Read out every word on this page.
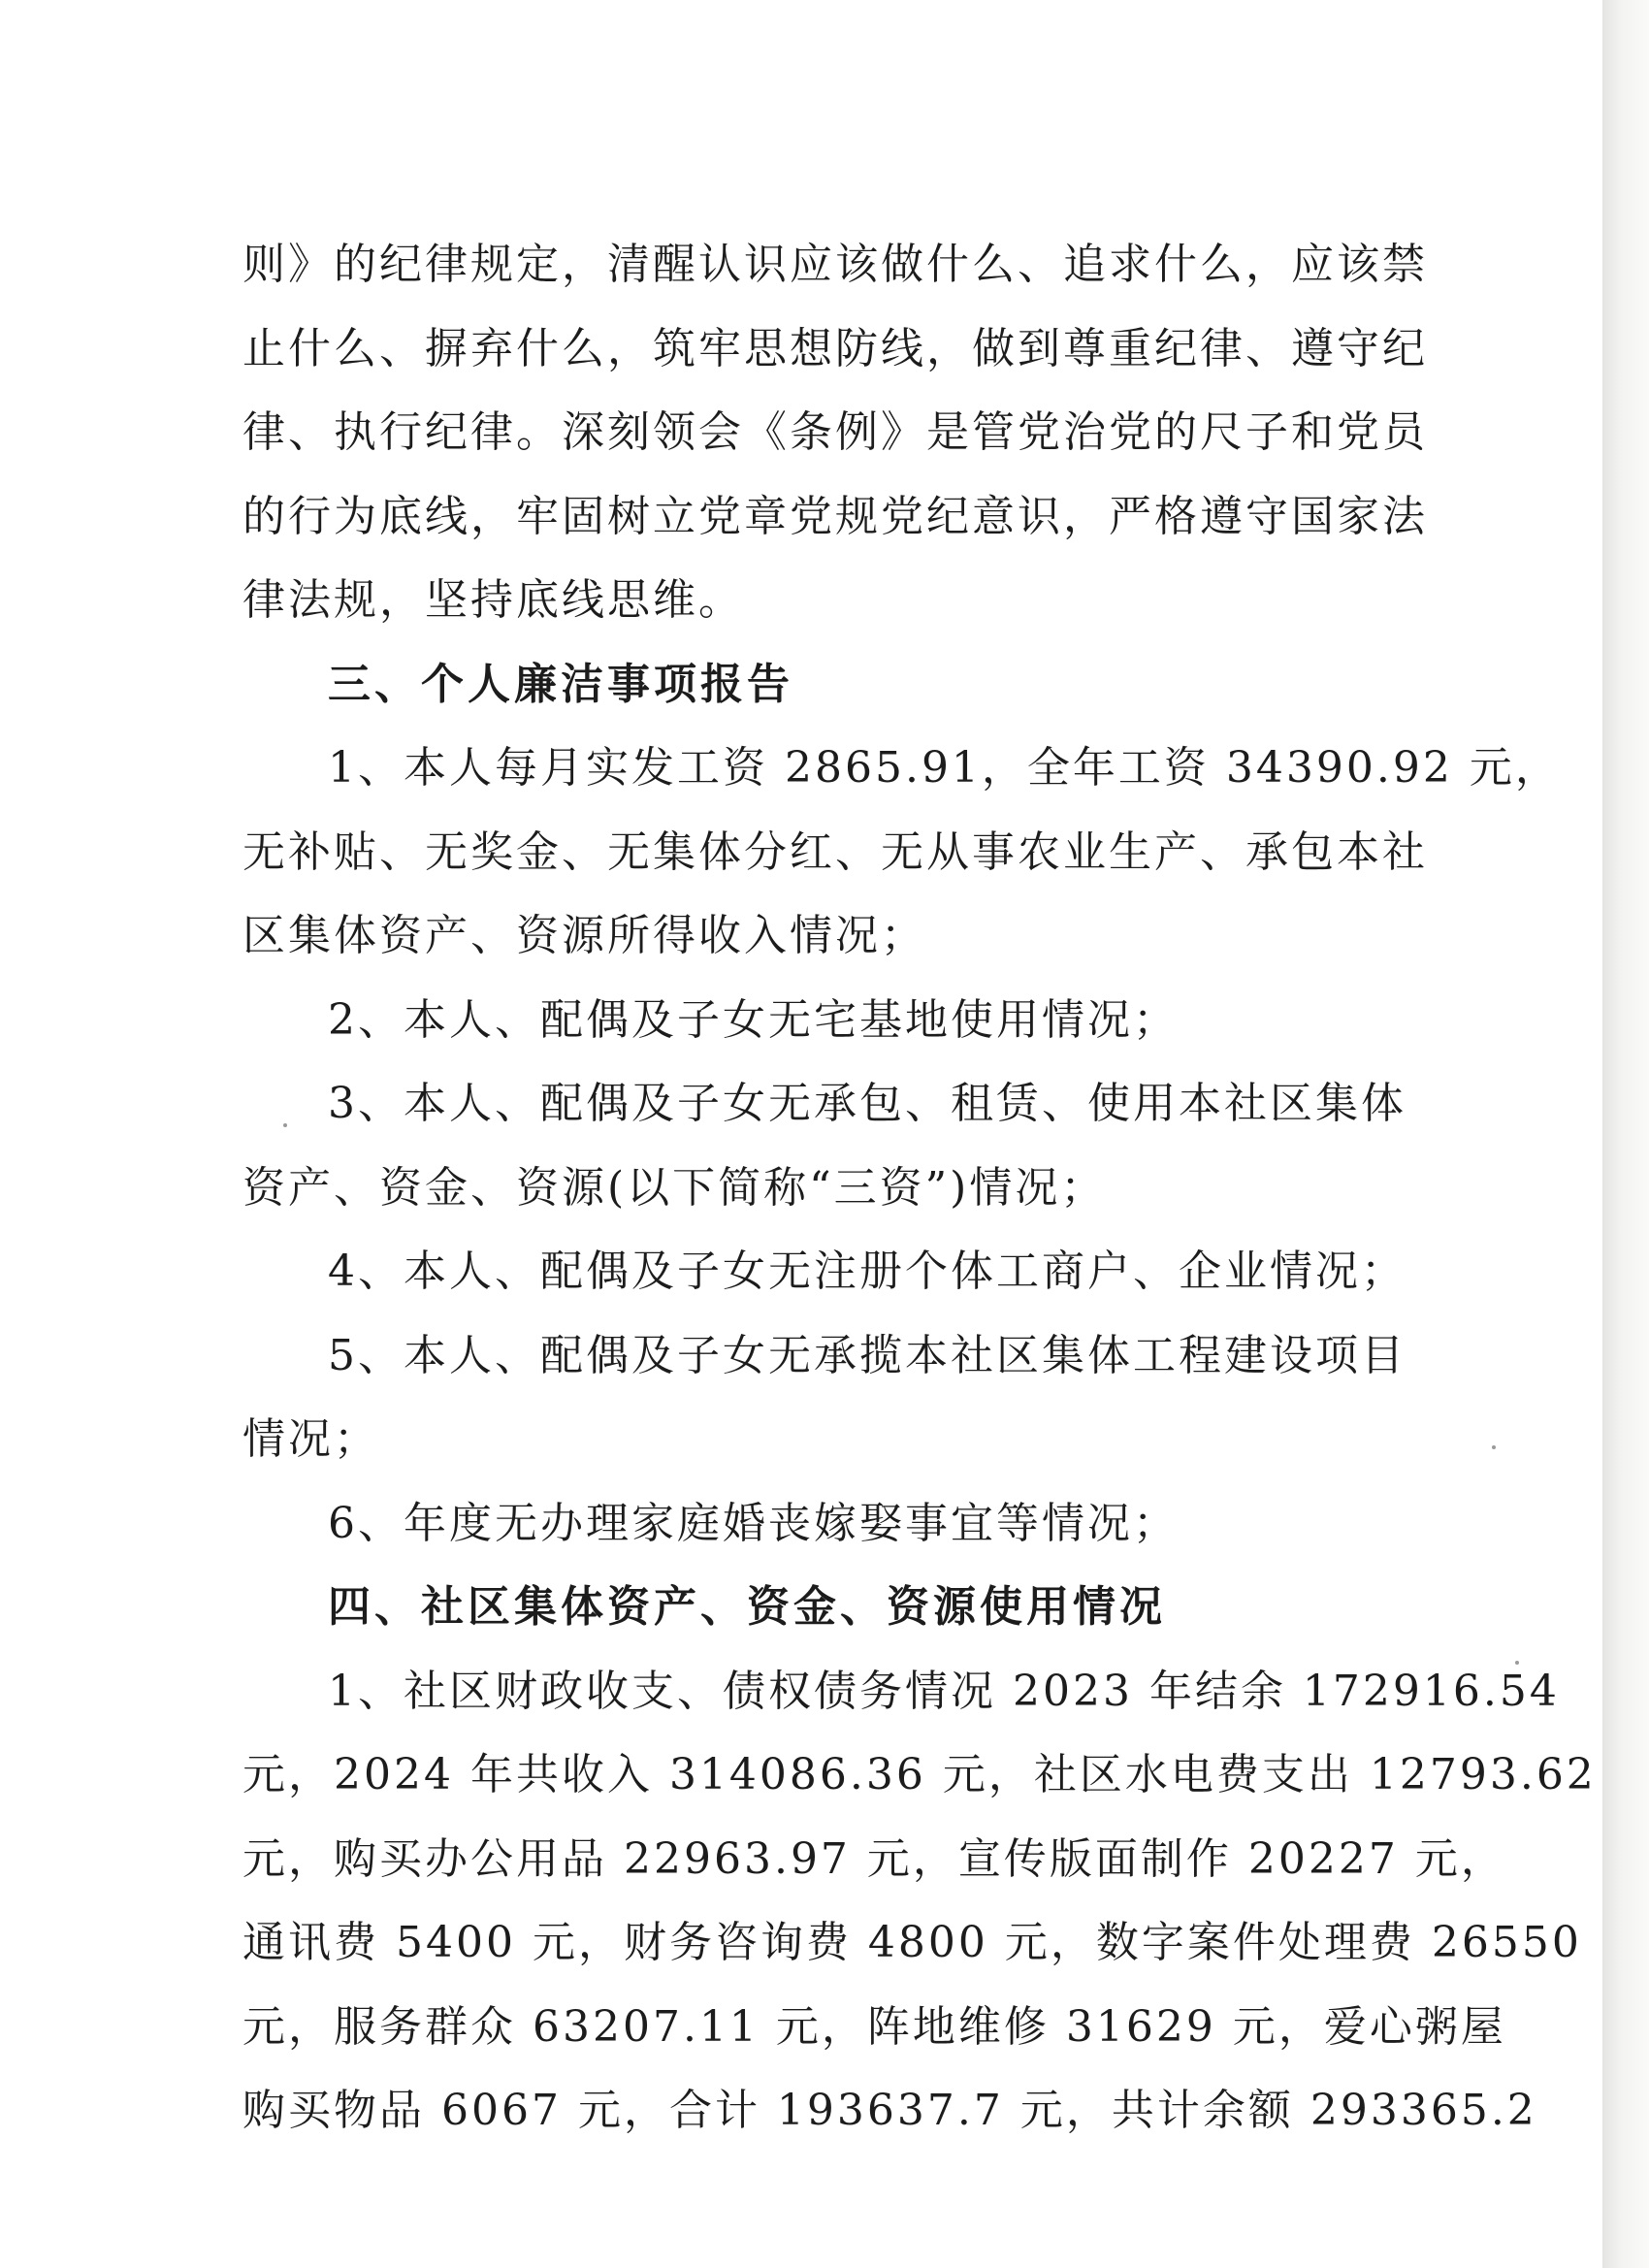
则》的纪律规定，清醒认识应该做什么、追求什么，应该禁
止什么、摒弃什么，筑牢思想防线，做到尊重纪律、遵守纪
律、执行纪律。深刻领会《条例》是管党治党的尺子和党员
的行为底线，牢固树立党章党规党纪意识，严格遵守国家法
律法规，坚持底线思维。
三、个人廉洁事项报告
1、本人每月实发工资 2865.91，全年工资 34390.92 元，
无补贴、无奖金、无集体分红、无从事农业生产、承包本社
区集体资产、资源所得收入情况；
2、本人、配偶及子女无宅基地使用情况；
3、本人、配偶及子女无承包、租赁、使用本社区集体
资产、资金、资源(以下简称“三资”)情况；
4、本人、配偶及子女无注册个体工商户、企业情况；
5、本人、配偶及子女无承揽本社区集体工程建设项目
情况；
6、年度无办理家庭婚丧嫁娶事宜等情况；
四、社区集体资产、资金、资源使用情况
1、社区财政收支、债权债务情况 2023 年结余 172916.54
元，2024 年共收入 314086.36 元，社区水电费支出 12793.62
元，购买办公用品 22963.97 元，宣传版面制作 20227 元，
通讯费 5400 元，财务咨询费 4800 元，数字案件处理费 26550
元，服务群众 63207.11 元，阵地维修 31629 元，爱心粥屋
购买物品 6067 元，合计 193637.7 元，共计余额 293365.2
